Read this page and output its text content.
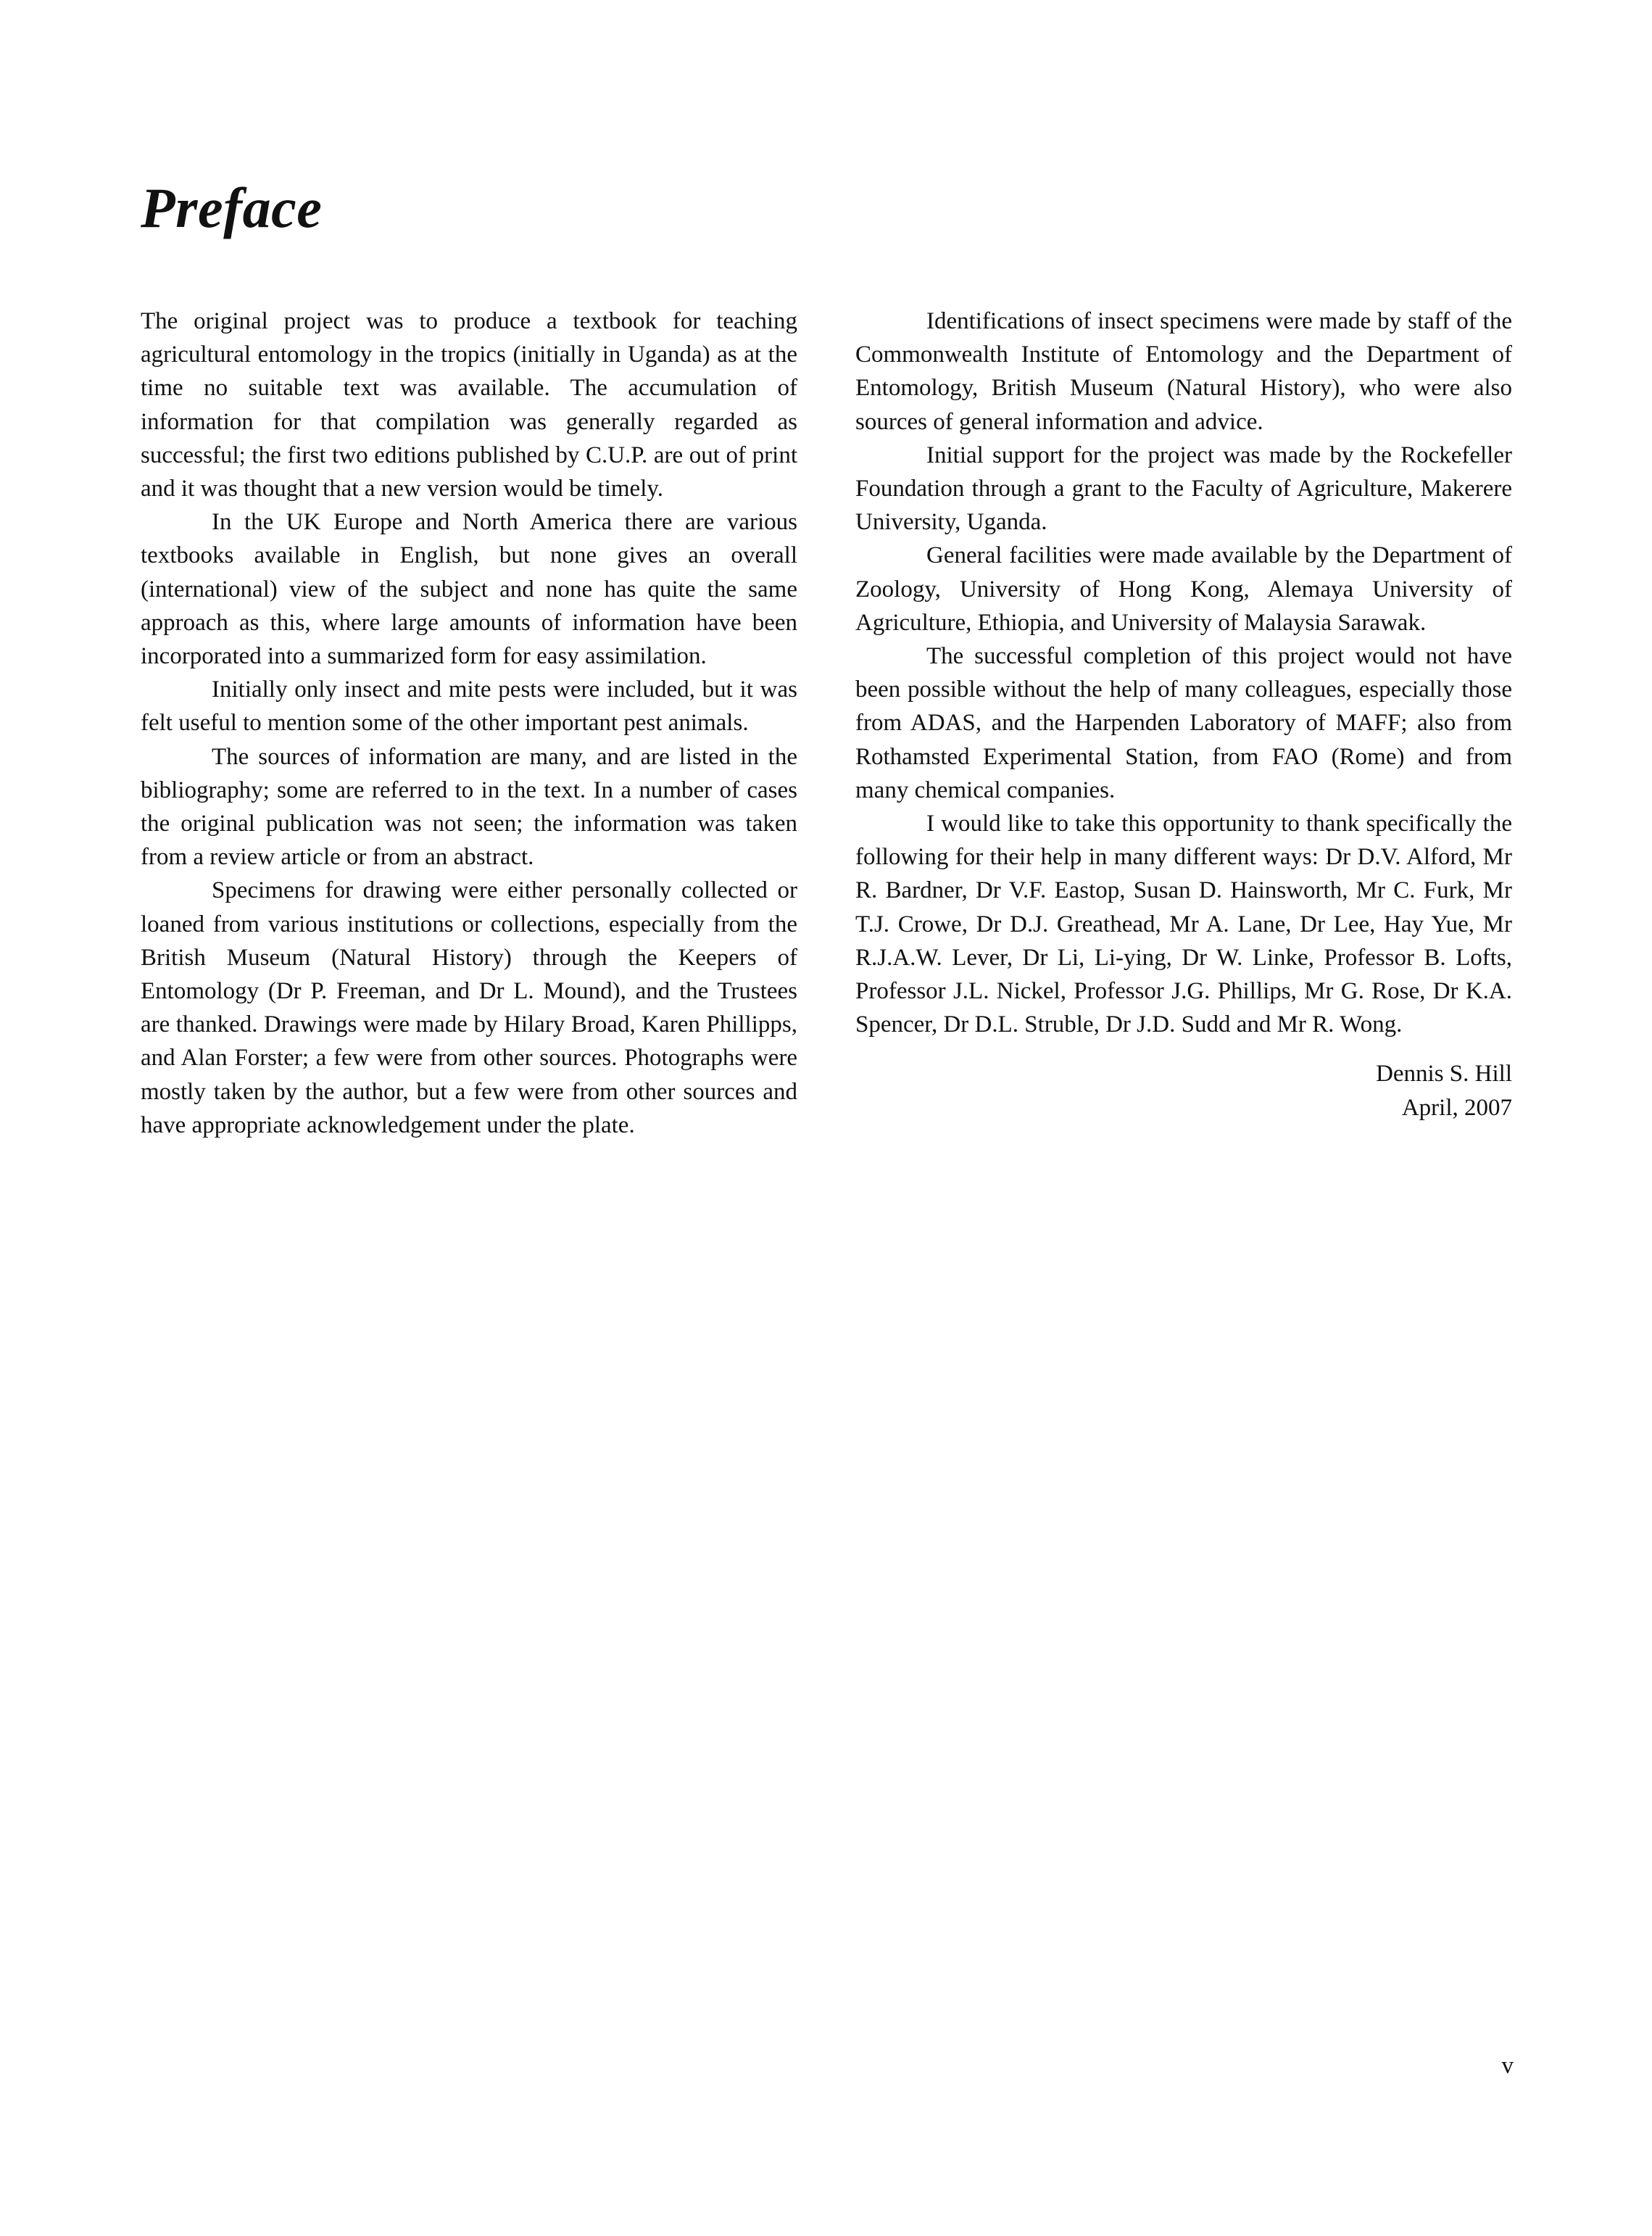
Preface

The original project was to produce a textbook for teaching agricultural entomology in the tropics (initially in Uganda) as at the time no suitable text was available. The accumulation of information for that compilation was generally regarded as successful; the first two editions published by C.U.P. are out of print and it was thought that a new version would be timely.

In the UK Europe and North America there are various textbooks available in English, but none gives an overall (international) view of the subject and none has quite the same approach as this, where large amounts of information have been incorporated into a summarized form for easy assimilation.

Initially only insect and mite pests were included, but it was felt useful to mention some of the other important pest animals.

The sources of information are many, and are listed in the bibliography; some are referred to in the text. In a number of cases the original publication was not seen; the information was taken from a review article or from an abstract.

Specimens for drawing were either personally collected or loaned from various institutions or collections, especially from the British Museum (Natural History) through the Keepers of Entomology (Dr P. Freeman, and Dr L. Mound), and the Trustees are thanked. Drawings were made by Hilary Broad, Karen Phillipps, and Alan Forster; a few were from other sources. Photographs were mostly taken by the author, but a few were from other sources and have appropriate acknowledgement under the plate.

Identifications of insect specimens were made by staff of the Commonwealth Institute of Entomology and the Department of Entomology, British Museum (Natural History), who were also sources of general information and advice.

Initial support for the project was made by the Rockefeller Foundation through a grant to the Faculty of Agriculture, Makerere University, Uganda.

General facilities were made available by the Department of Zoology, University of Hong Kong, Alemaya University of Agriculture, Ethiopia, and University of Malaysia Sarawak.

The successful completion of this project would not have been possible without the help of many colleagues, especially those from ADAS, and the Harpenden Laboratory of MAFF; also from Rothamsted Experimental Station, from FAO (Rome) and from many chemical companies.

I would like to take this opportunity to thank specifically the following for their help in many different ways: Dr D.V. Alford, Mr R. Bardner, Dr V.F. Eastop, Susan D. Hainsworth, Mr C. Furk, Mr T.J. Crowe, Dr D.J. Greathead, Mr A. Lane, Dr Lee, Hay Yue, Mr R.J.A.W. Lever, Dr Li, Li-ying, Dr W. Linke, Professor B. Lofts, Professor J.L. Nickel, Professor J.G. Phillips, Mr G. Rose, Dr K.A. Spencer, Dr D.L. Struble, Dr J.D. Sudd and Mr R. Wong.

Dennis S. Hill
April, 2007
v
